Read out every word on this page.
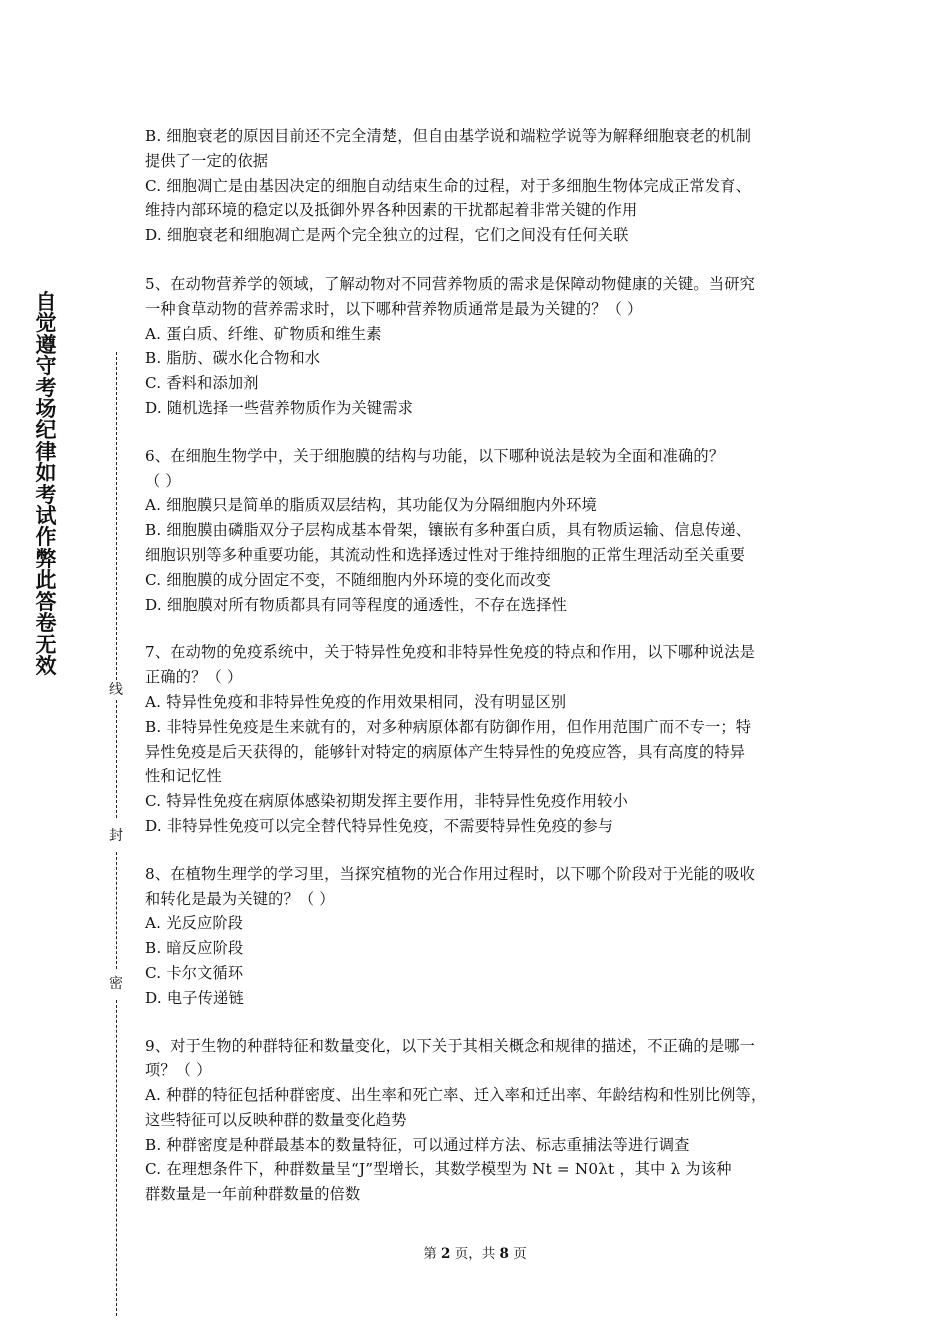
自
觉
遵
守
考
场
纪
律
如
考
试
作
弊
此
答
卷
无
效
线
封
密
B. 细胞衰老的原因目前还不完全清楚，但自由基学说和端粒学说等为解释细胞衰老的机制
提供了一定的依据
C. 细胞凋亡是由基因决定的细胞自动结束生命的过程，对于多细胞生物体完成正常发育、
维持内部环境的稳定以及抵御外界各种因素的干扰都起着非常关键的作用
D. 细胞衰老和细胞凋亡是两个完全独立的过程，它们之间没有任何关联
5、在动物营养学的领域，了解动物对不同营养物质的需求是保障动物健康的关键。当研究
一种食草动物的营养需求时，以下哪种营养物质通常是最为关键的？（ ）
A. 蛋白质、纤维、矿物质和维生素
B. 脂肪、碳水化合物和水
C. 香料和添加剂
D. 随机选择一些营养物质作为关键需求
6、在细胞生物学中，关于细胞膜的结构与功能，以下哪种说法是较为全面和准确的？
（ ）
A. 细胞膜只是简单的脂质双层结构，其功能仅为分隔细胞内外环境
B. 细胞膜由磷脂双分子层构成基本骨架，镶嵌有多种蛋白质，具有物质运输、信息传递、
细胞识别等多种重要功能，其流动性和选择透过性对于维持细胞的正常生理活动至关重要
C. 细胞膜的成分固定不变，不随细胞内外环境的变化而改变
D. 细胞膜对所有物质都具有同等程度的通透性，不存在选择性
7、在动物的免疫系统中，关于特异性免疫和非特异性免疫的特点和作用，以下哪种说法是
正确的？（ ）
A. 特异性免疫和非特异性免疫的作用效果相同，没有明显区别
B. 非特异性免疫是生来就有的，对多种病原体都有防御作用，但作用范围广而不专一；特
异性免疫是后天获得的，能够针对特定的病原体产生特异性的免疫应答，具有高度的特异
性和记忆性
C. 特异性免疫在病原体感染初期发挥主要作用，非特异性免疫作用较小
D. 非特异性免疫可以完全替代特异性免疫，不需要特异性免疫的参与
8、在植物生理学的学习里，当探究植物的光合作用过程时，以下哪个阶段对于光能的吸收
和转化是最为关键的？（ ）
A. 光反应阶段
B. 暗反应阶段
C. 卡尔文循环
D. 电子传递链
9、对于生物的种群特征和数量变化，以下关于其相关概念和规律的描述，不正确的是哪一
项？（ ）
A. 种群的特征包括种群密度、出生率和死亡率、迁入率和迁出率、年龄结构和性别比例等，
这些特征可以反映种群的数量变化趋势
B. 种群密度是种群最基本的数量特征，可以通过样方法、标志重捕法等进行调查
C. 在理想条件下，种群数量呈“J”型增长，其数学模型为 Nt = N0λt ，其中 λ 为该种
群数量是一年前种群数量的倍数
第 2 页，共 8 页
